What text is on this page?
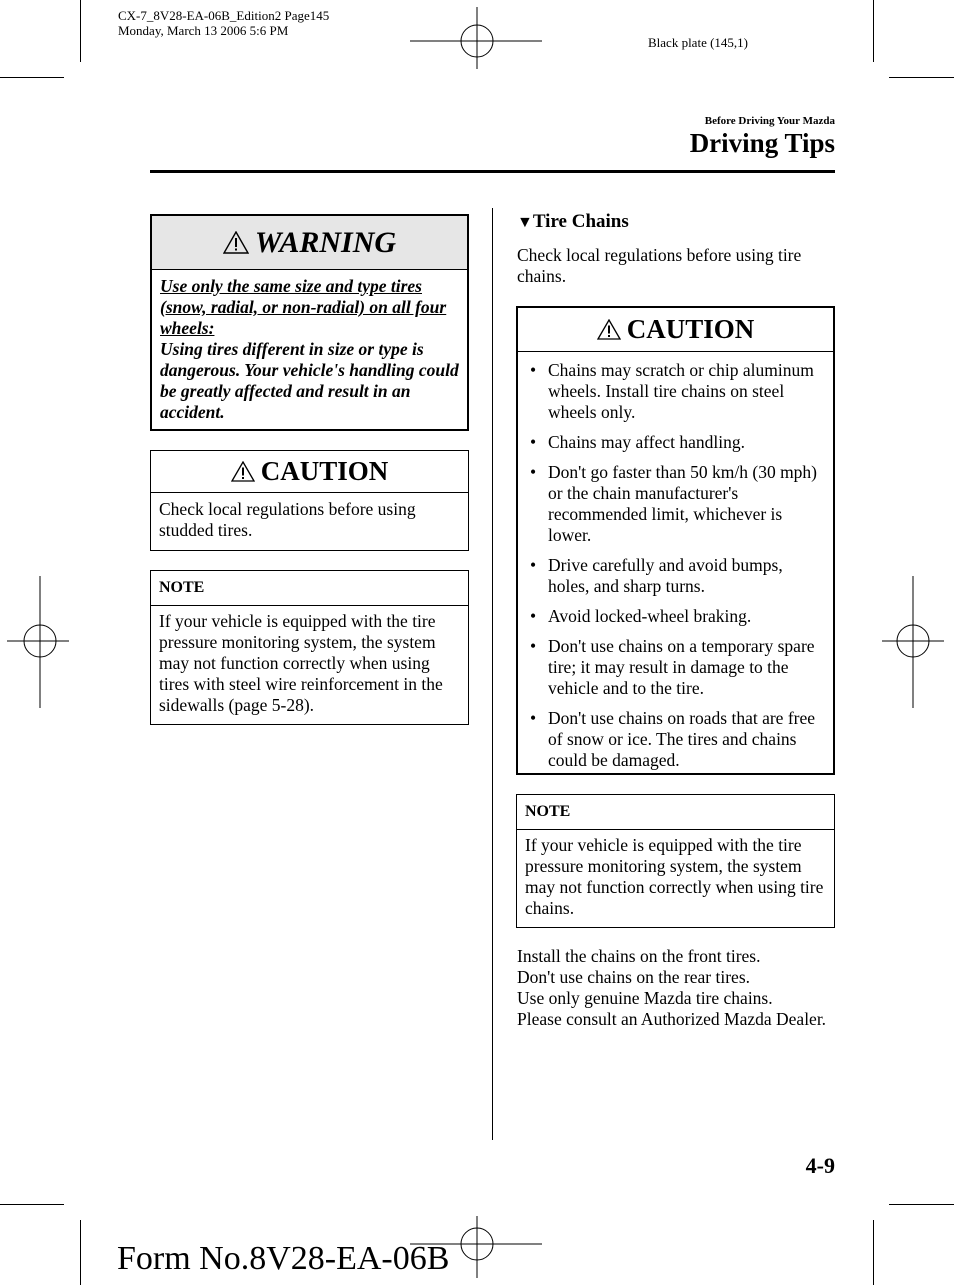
CX-7_8V28-EA-06B_Edition2 Page145
Monday, March 13 2006 5:6 PM
Black plate (145,1)
Before Driving Your Mazda
Driving Tips
WARNING
Use only the same size and type tires (snow, radial, or non-radial) on all four wheels:
Using tires different in size or type is dangerous. Your vehicle's handling could be greatly affected and result in an accident.
CAUTION
Check local regulations before using studded tires.
NOTE
If your vehicle is equipped with the tire pressure monitoring system, the system may not function correctly when using tires with steel wire reinforcement in the sidewalls (page 5-28).
▼Tire Chains
Check local regulations before using tire chains.
CAUTION
• Chains may scratch or chip aluminum wheels. Install tire chains on steel wheels only.
• Chains may affect handling.
• Don't go faster than 50 km/h (30 mph) or the chain manufacturer's recommended limit, whichever is lower.
• Drive carefully and avoid bumps, holes, and sharp turns.
• Avoid locked-wheel braking.
• Don't use chains on a temporary spare tire; it may result in damage to the vehicle and to the tire.
• Don't use chains on roads that are free of snow or ice. The tires and chains could be damaged.
NOTE
If your vehicle is equipped with the tire pressure monitoring system, the system may not function correctly when using tire chains.
Install the chains on the front tires.
Don't use chains on the rear tires.
Use only genuine Mazda tire chains.
Please consult an Authorized Mazda Dealer.
4-9
Form No.8V28-EA-06B
